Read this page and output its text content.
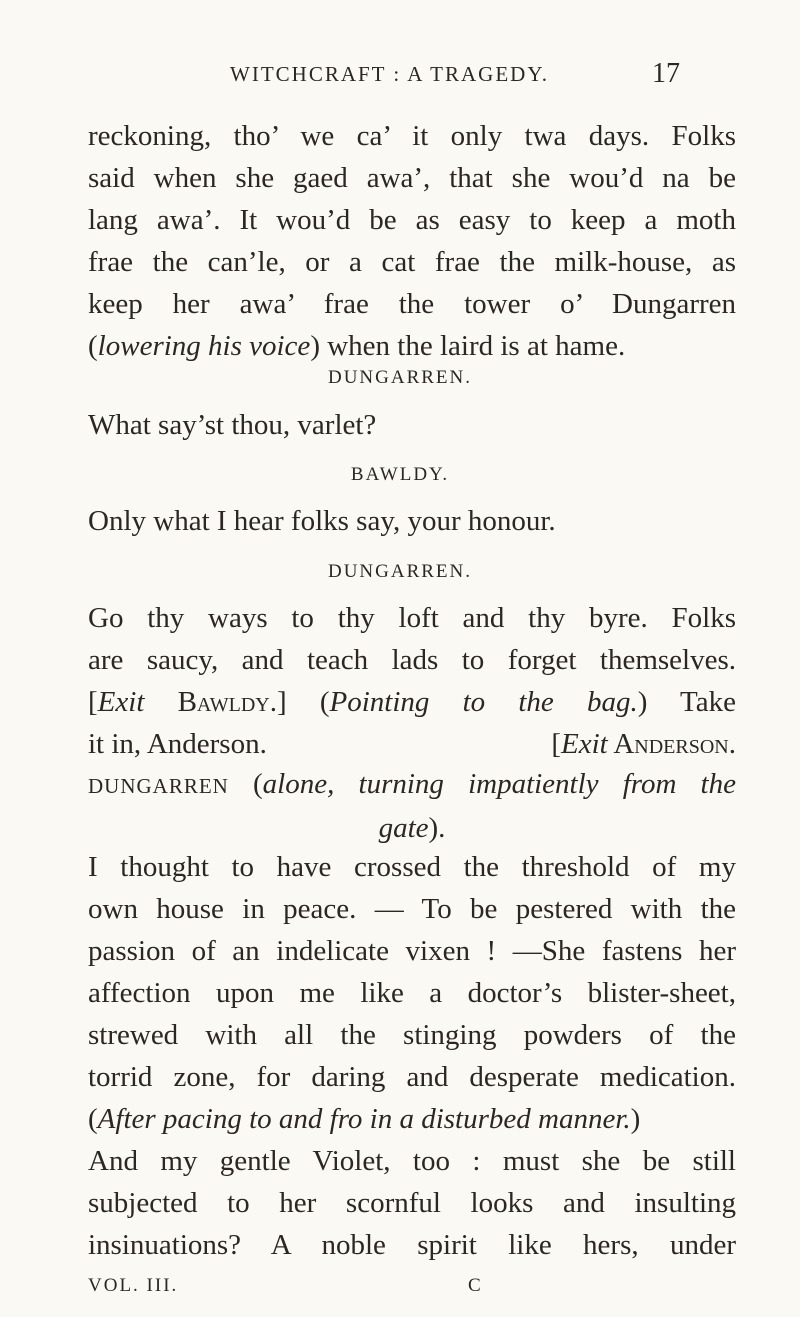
WITCHCRAFT : A TRAGEDY.	17
reckoning, tho’ we ca’ it only twa days. Folks
said when she gaed awa’, that she wou’d na be
lang awa’. It wou’d be as easy to keep a moth
frae the can’le, or a cat frae the milk-house, as
keep her awa’ frae the tower o’ Dungarren
(lowering his voice) when the laird is at hame.
DUNGARREN.
What say’st thou, varlet?
BAWLDY.
Only what I hear folks say, your honour.
DUNGARREN.
Go thy ways to thy loft and thy byre. Folks
are saucy, and teach lads to forget themselves.
[Exit Bawldy.] (Pointing to the bag.) Take
it in, Anderson.	[Exit Anderson.
DUNGARREN (alone, turning impatiently from the
gate).
I thought to have crossed the threshold of my
own house in peace. — To be pestered with the
passion of an indelicate vixen ! —She fastens her
affection upon me like a doctor’s blister-sheet,
strewed with all the stinging powders of the
torrid zone, for daring and desperate medication.
(After pacing to and fro in a disturbed manner.)
And my gentle Violet, too : must she be still
subjected to her scornful looks and insulting
insinuations? A noble spirit like hers, under
VOL. III.	C
